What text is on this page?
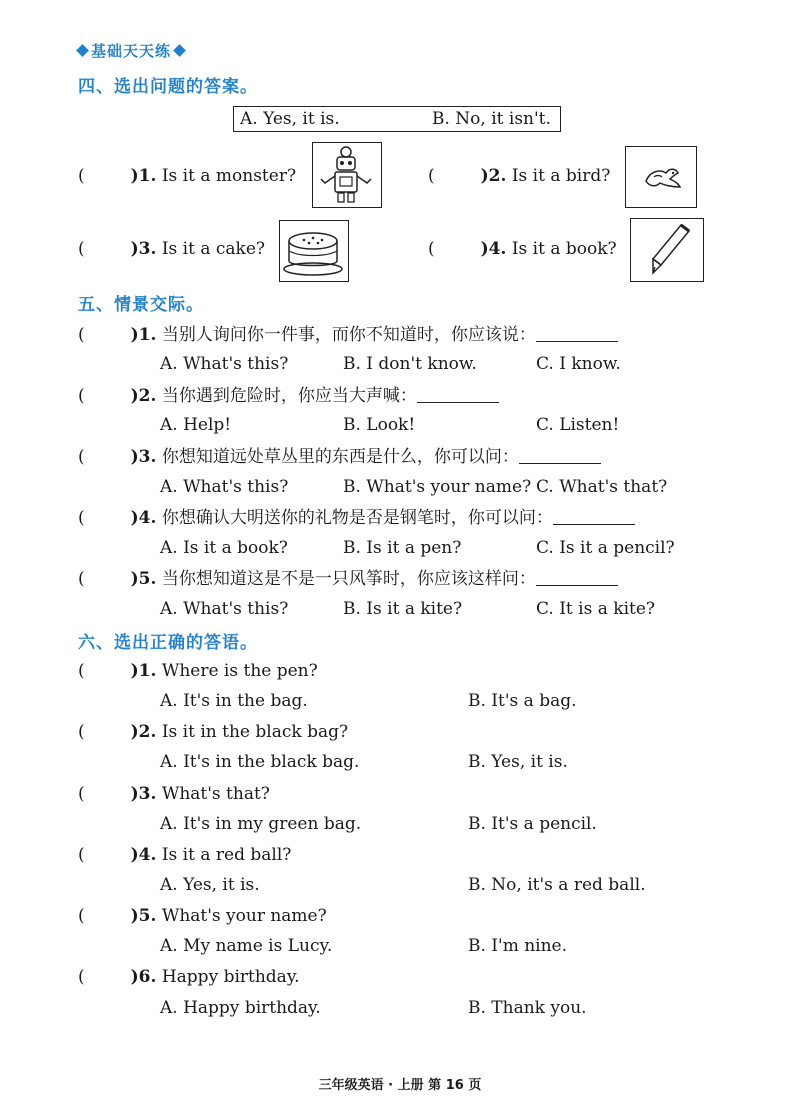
基础天天练
四、选出问题的答案。
A. Yes, it is.	B. No, it isn't.
(	)1. Is it a monster?	(	)2. Is it a bird?
(	)3. Is it a cake?	(	)4. Is it a book?
五、情景交际。
(	)1. 当别人询问你一件事，而你不知道时，你应该说：
A. What's this?	B. I don't know.	C. I know.
(	)2. 当你遇到危险时，你应当大声喊：
A. Help!	B. Look!	C. Listen!
(	)3. 你想知道远处草丛里的东西是什么，你可以问：
A. What's this?	B. What's your name? C. What's that?
(	)4. 你想确认大明送你的礼物是否是钢笔时，你可以问：
A. Is it a book?	B. Is it a pen?	C. Is it a pencil?
(	)5. 当你想知道这是不是一只风筝时，你应该这样问：
A. What's this?	B. Is it a kite?	C. It is a kite?
六、选出正确的答语。
(	)1. Where is the pen?
A. It's in the bag.	B. It's a bag.
(	)2. Is it in the black bag?
A. It's in the black bag.	B. Yes, it is.
(	)3. What's that?
A. It's in my green bag.	B. It's a pencil.
(	)4. Is it a red ball?
A. Yes, it is.	B. No, it's a red ball.
(	)5. What's your name?
A. My name is Lucy.	B. I'm nine.
(	)6. Happy birthday.
A. Happy birthday.	B. Thank you.
三年级英语 · 上册 第 16 页
